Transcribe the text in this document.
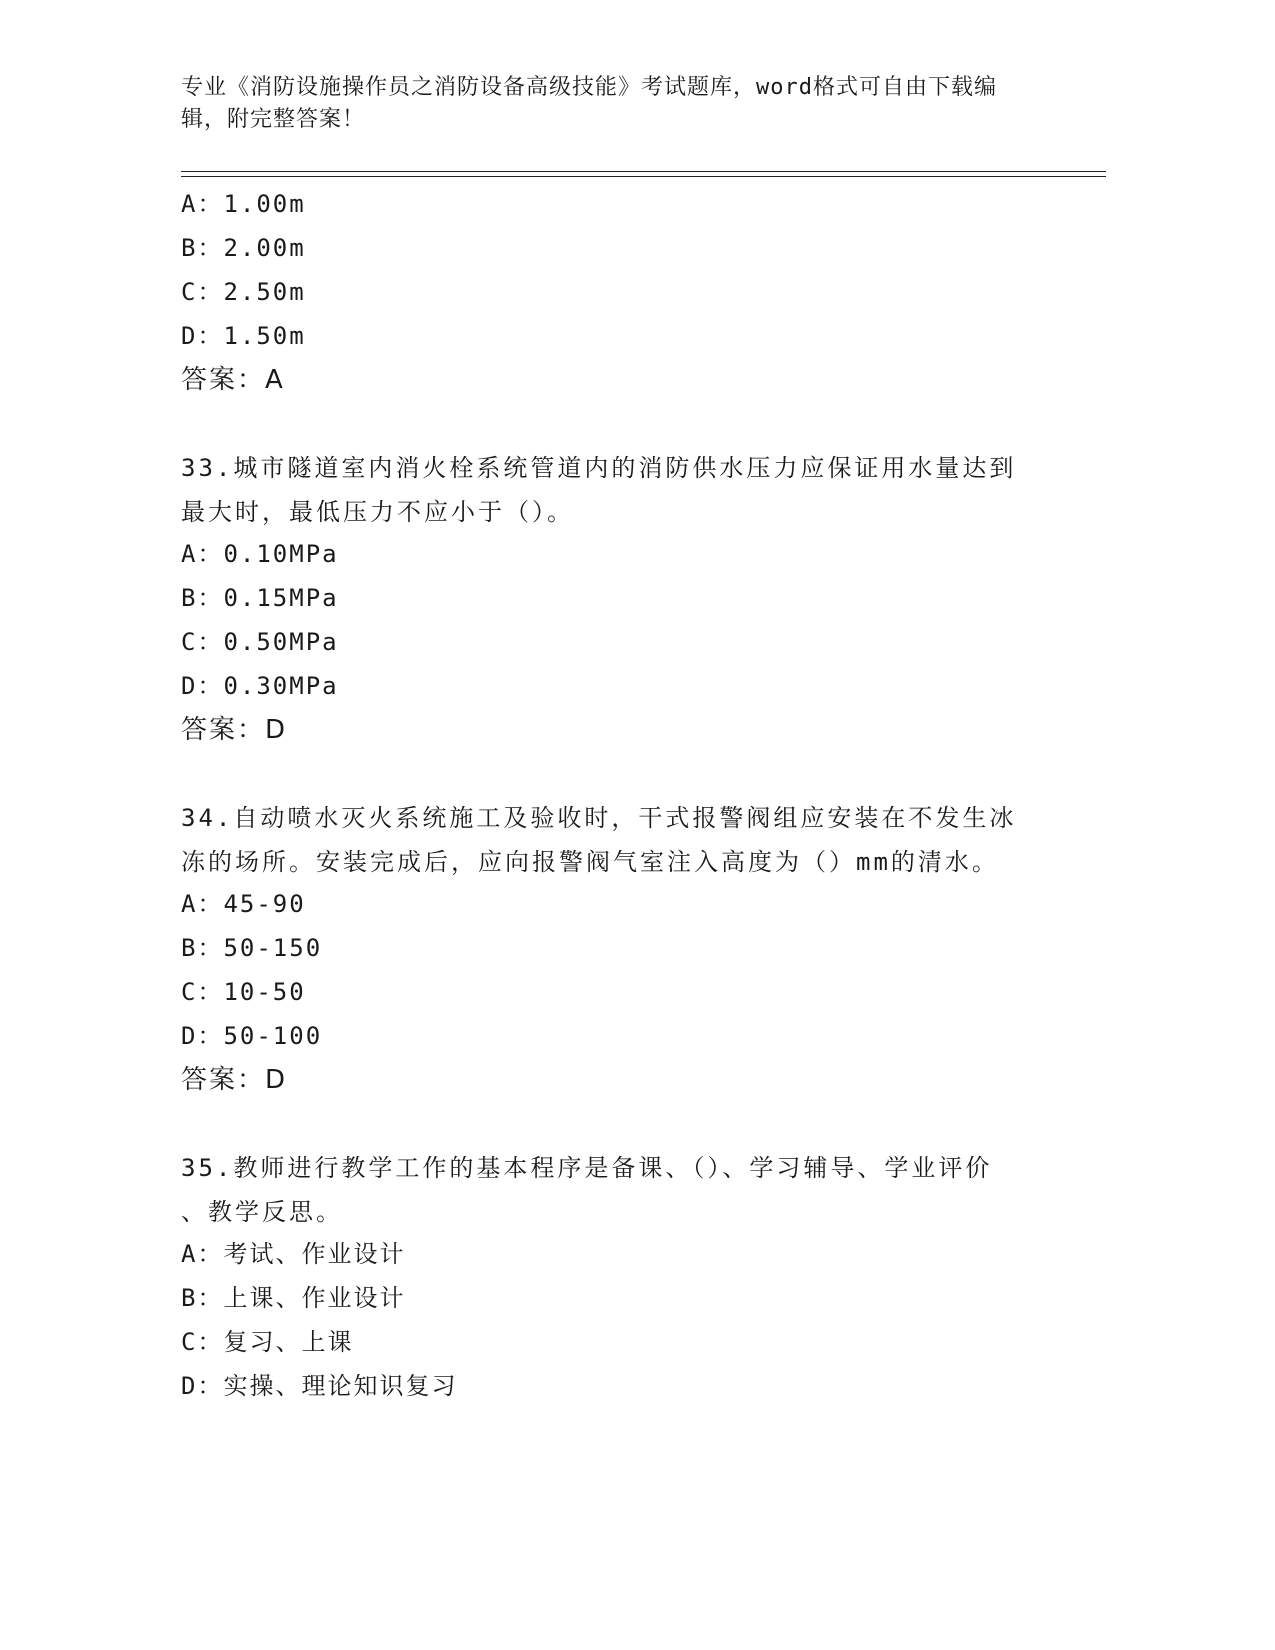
专业《消防设施操作员之消防设备高级技能》考试题库，word格式可自由下载编
辑，附完整答案！
A：1.00m
B：2.00m
C：2.50m
D：1.50m
答案：A
33.城市隧道室内消火栓系统管道内的消防供水压力应保证用水量达到
最大时，最低压力不应小于（）。
A：0.10MPa
B：0.15MPa
C：0.50MPa
D：0.30MPa
答案：D
34.自动喷水灭火系统施工及验收时，干式报警阀组应安装在不发生冰
冻的场所。安装完成后，应向报警阀气室注入高度为（）mm的清水。
A：45-90
B：50-150
C：10-50
D：50-100
答案：D
35.教师进行教学工作的基本程序是备课、（）、学习辅导、学业评价
、教学反思。
A：考试、作业设计
B：上课、作业设计
C：复习、上课
D：实操、理论知识复习
